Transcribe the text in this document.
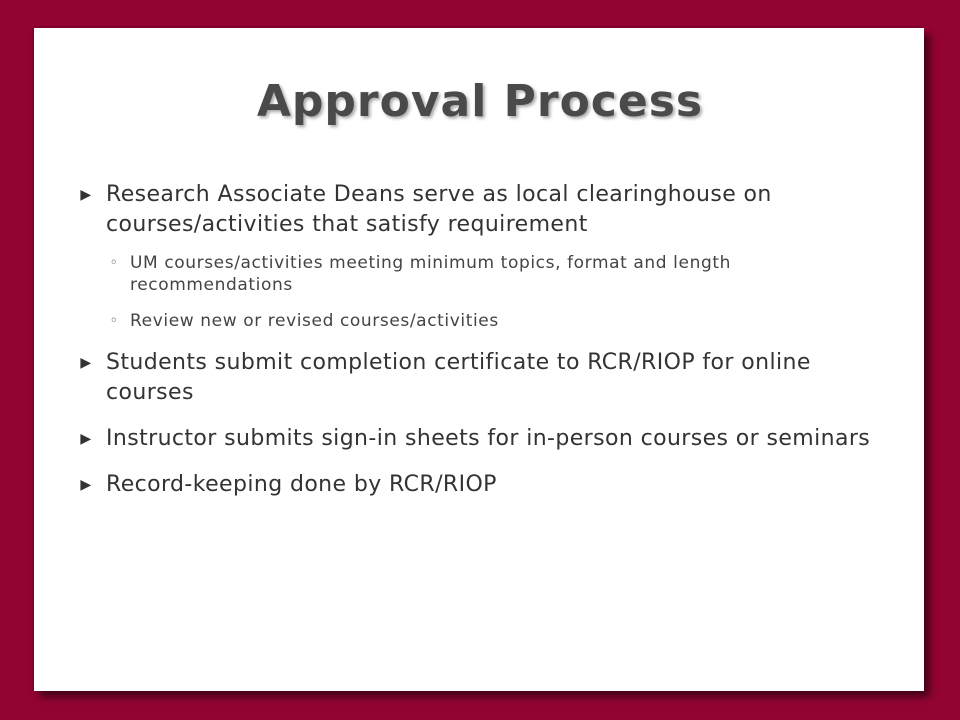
Approval Process
▶ Research Associate Deans serve as local clearinghouse on courses/activities that satisfy requirement
◦ UM courses/activities meeting minimum topics, format and length recommendations
◦ Review new or revised courses/activities
▶ Students submit completion certificate to RCR/RIOP for online courses
▶ Instructor submits sign-in sheets for in-person courses or seminars
▶ Record-keeping done by RCR/RIOP
